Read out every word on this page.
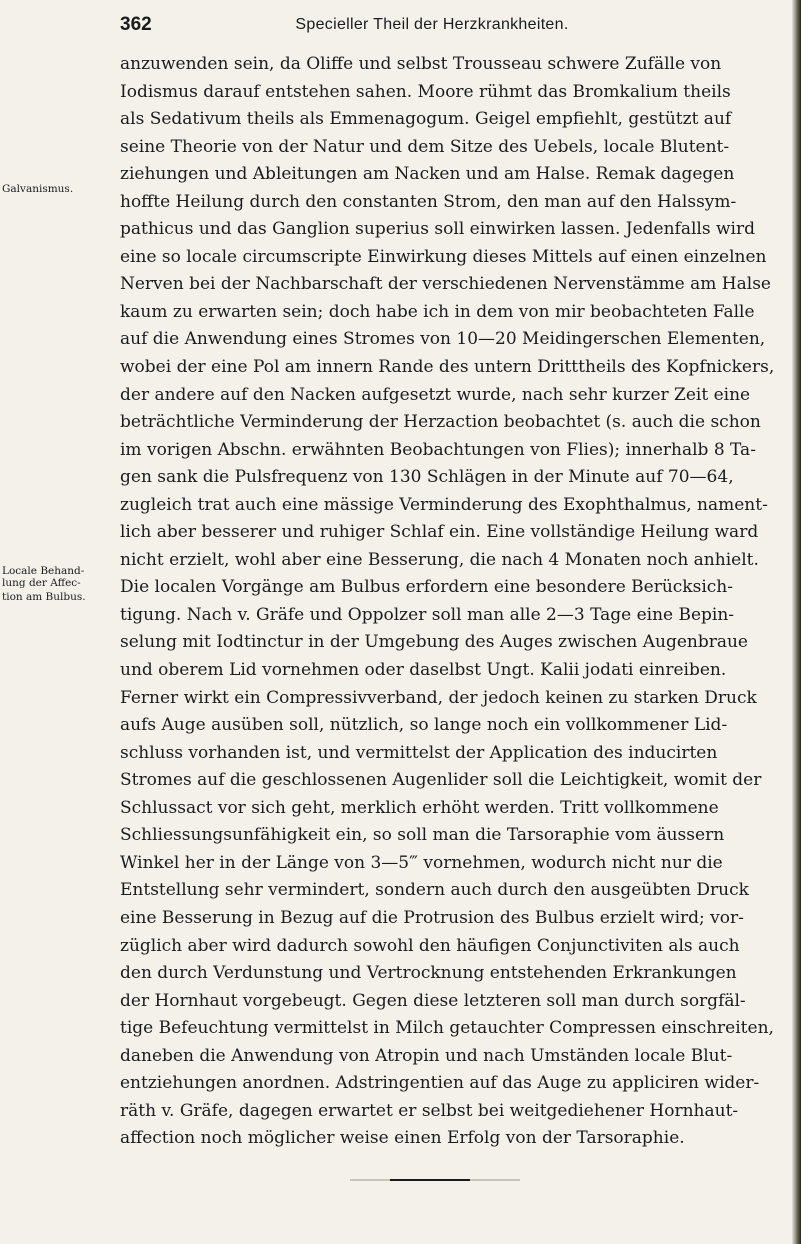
362	Specieller Theil der Herzkrankheiten.
Galvanismus.
Locale Behand-
lung der Affec-
tion am Bulbus.
anzuwenden sein, da Oliffe und selbst Trousseau schwere Zufälle von
Iodismus darauf entstehen sahen. Moore rühmt das Bromkalium theils
als Sedativum theils als Emmenagogum. Geigel empfiehlt, gestützt auf
seine Theorie von der Natur und dem Sitze des Uebels, locale Blutent-
ziehungen und Ableitungen am Nacken und am Halse. Remak dagegen
hoffte Heilung durch den constanten Strom, den man auf den Halssym-
pathicus und das Ganglion superius soll einwirken lassen. Jedenfalls wird
eine so locale circumscripte Einwirkung dieses Mittels auf einen einzelnen
Nerven bei der Nachbarschaft der verschiedenen Nervenstämme am Halse
kaum zu erwarten sein; doch habe ich in dem von mir beobachteten Falle
auf die Anwendung eines Stromes von 10—20 Meidingerschen Elementen,
wobei der eine Pol am innern Rande des untern Dritttheils des Kopfnickers,
der andere auf den Nacken aufgesetzt wurde, nach sehr kurzer Zeit eine
beträchtliche Verminderung der Herzaction beobachtet (s. auch die schon
im vorigen Abschn. erwähnten Beobachtungen von Flies); innerhalb 8 Ta-
gen sank die Pulsfrequenz von 130 Schlägen in der Minute auf 70—64,
zugleich trat auch eine mässige Verminderung des Exophthalmus, nament-
lich aber besserer und ruhiger Schlaf ein. Eine vollständige Heilung ward
nicht erzielt, wohl aber eine Besserung, die nach 4 Monaten noch anhielt.
Die localen Vorgänge am Bulbus erfordern eine besondere Berücksich-
tigung. Nach v. Gräfe und Oppolzer soll man alle 2—3 Tage eine Bepin-
selung mit Iodtinctur in der Umgebung des Auges zwischen Augenbraue
und oberem Lid vornehmen oder daselbst Ungt. Kalii jodati einreiben.
Ferner wirkt ein Compressivverband, der jedoch keinen zu starken Druck
aufs Auge ausüben soll, nützlich, so lange noch ein vollkommener Lid-
schluss vorhanden ist, und vermittelst der Application des inducirten
Stromes auf die geschlossenen Augenlider soll die Leichtigkeit, womit der
Schlussact vor sich geht, merklich erhöht werden. Tritt vollkommene
Schliessungsunfähigkeit ein, so soll man die Tarsoraphie vom äussern
Winkel her in der Länge von 3—5‴ vornehmen, wodurch nicht nur die
Entstellung sehr vermindert, sondern auch durch den ausgeübten Druck
eine Besserung in Bezug auf die Protrusion des Bulbus erzielt wird; vor-
züglich aber wird dadurch sowohl den häufigen Conjunctiviten als auch
den durch Verdunstung und Vertrocknung entstehenden Erkrankungen
der Hornhaut vorgebeugt. Gegen diese letzteren soll man durch sorgfäl-
tige Befeuchtung vermittelst in Milch getauchter Compressen einschreiten,
daneben die Anwendung von Atropin und nach Umständen locale Blut-
entziehungen anordnen. Adstringentien auf das Auge zu appliciren wider-
räth v. Gräfe, dagegen erwartet er selbst bei weitgediehener Hornhaut-
affection noch möglicher weise einen Erfolg von der Tarsoraphie.
